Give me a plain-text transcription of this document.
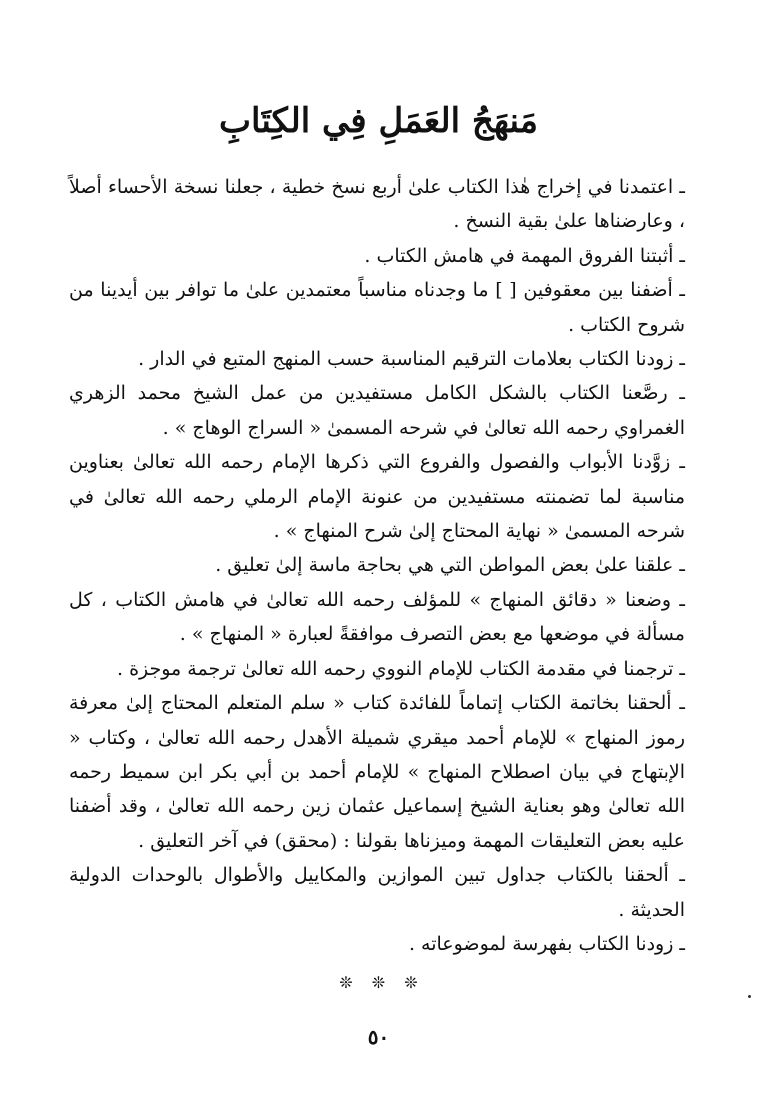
مَنهَجُ العَمَلِ فِي الكِتَابِ

ـ اعتمدنا في إخراج هٰذا الكتاب علىٰ أربع نسخ خطية ، جعلنا نسخة الأحساء أصلاً ، وعارضناها علىٰ بقية النسخ .

ـ أثبتنا الفروق المهمة في هامش الكتاب .

ـ أضفنا بين معقوفين [ ] ما وجدناه مناسباً معتمدين علىٰ ما توافر بين أيدينا من شروح الكتاب .

ـ زودنا الكتاب بعلامات الترقيم المناسبة حسب المنهج المتبع في الدار .

ـ رصَّعنا الكتاب بالشكل الكامل مستفيدين من عمل الشيخ محمد الزهري الغمراوي رحمه الله تعالىٰ في شرحه المسمىٰ « السراج الوهاج » .

ـ زوَّدنا الأبواب والفصول والفروع التي ذكرها الإمام رحمه الله تعالىٰ بعناوين مناسبة لما تضمنته مستفيدين من عنونة الإمام الرملي رحمه الله تعالىٰ في شرحه المسمىٰ « نهاية المحتاج إلىٰ شرح المنهاج » .

ـ علقنا علىٰ بعض المواطن التي هي بحاجة ماسة إلىٰ تعليق .

ـ وضعنا « دقائق المنهاج » للمؤلف رحمه الله تعالىٰ في هامش الكتاب ، كل مسألة في موضعها مع بعض التصرف موافقةً لعبارة « المنهاج » .

ـ ترجمنا في مقدمة الكتاب للإمام النووي رحمه الله تعالىٰ ترجمة موجزة .

ـ ألحقنا بخاتمة الكتاب إتماماً للفائدة كتاب « سلم المتعلم المحتاج إلىٰ معرفة رموز المنهاج » للإمام أحمد ميقري شميلة الأهدل رحمه الله تعالىٰ ، وكتاب « الإبتهاج في بيان اصطلاح المنهاج » للإمام أحمد بن أبي بكر ابن سميط رحمه الله تعالىٰ وهو بعناية الشيخ إسماعيل عثمان زين رحمه الله تعالىٰ ، وقد أضفنا عليه بعض التعليقات المهمة وميزناها بقولنا : (محقق) في آخر التعليق .

ـ ألحقنا بالكتاب جداول تبين الموازين والمكاييل والأطوال بالوحدات الدولية الحديثة .

ـ زودنا الكتاب بفهرسة لموضوعاته .

❊ ❊ ❊
٥٠
